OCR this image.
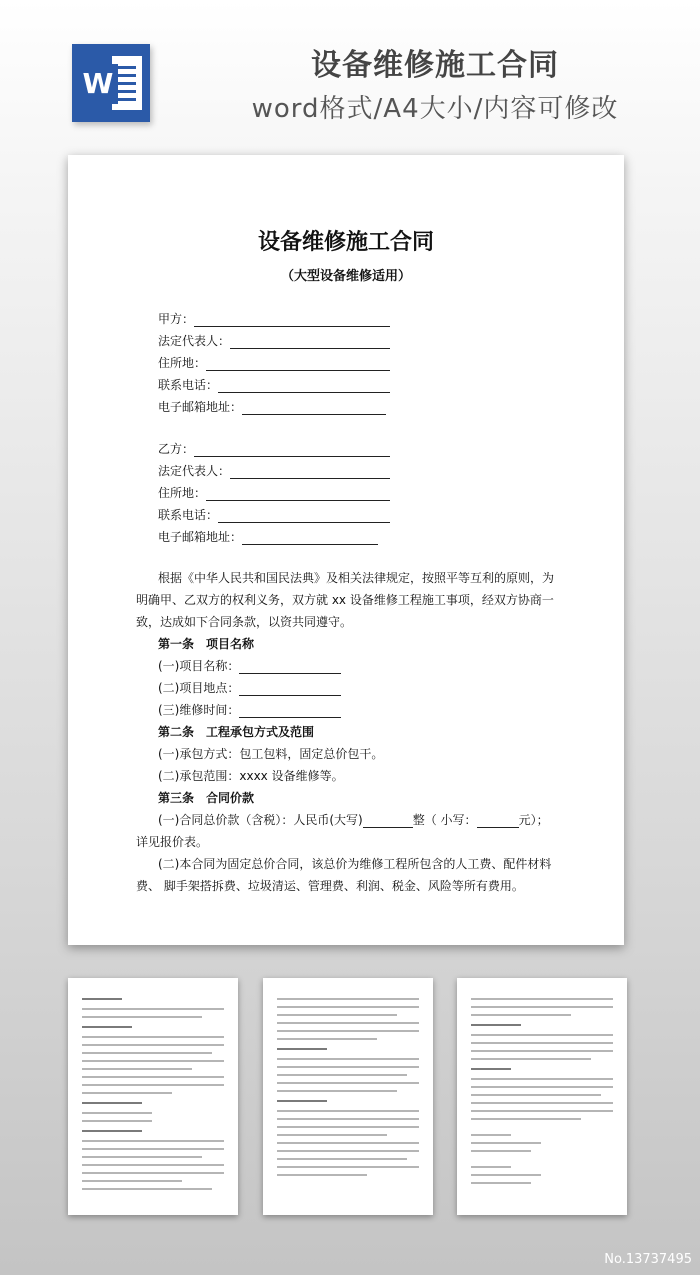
W
设备维修施工合同
word格式/A4大小/内容可修改
设备维修施工合同
（大型设备维修适用）
甲方：
法定代表人：
住所地：
联系电话：
电子邮箱地址：
乙方：
法定代表人：
住所地：
联系电话：
电子邮箱地址：

根据《中华人民共和国民法典》及相关法律规定，按照平等互利的原则，为明确甲、乙双方的权利义务，双方就 xx 设备维修工程施工事项，经双方协商一致，达成如下合同条款，以资共同遵守。

第一条　项目名称

(一)项目名称：

(二)项目地点：

(三)维修时间：

第二条　工程承包方式及范围

(一)承包方式：包工包料，固定总价包干。

(二)承包范围：xxxx 设备维修等。

第三条　合同价款

(一)合同总价款（含税）：人民币(大写)	整（ 小写：	元）；

详见报价表。

(二)本合同为固定总价合同，该总价为维修工程所包含的人工费、配件材料费、 脚手架搭拆费、垃圾清运、管理费、利润、税金、风险等所有费用。

No.13737495
